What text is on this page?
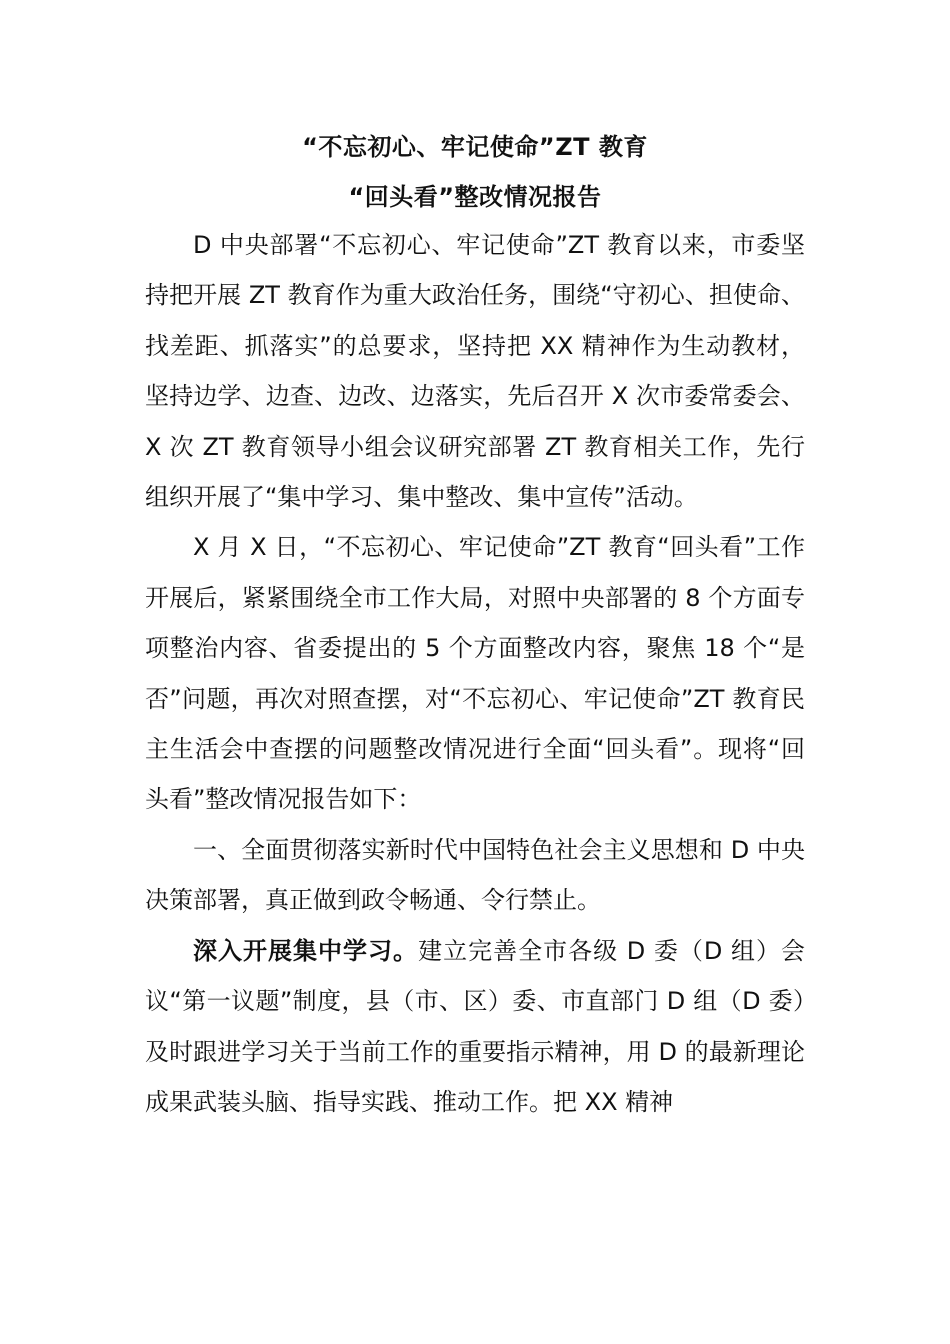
“不忘初心、牢记使命”ZT 教育
“回头看”整改情况报告

D 中央部署“不忘初心、牢记使命”ZT 教育以来，市委坚持把开展 ZT 教育作为重大政治任务，围绕“守初心、担使命、找差距、抓落实”的总要求，坚持把 XX 精神作为生动教材，坚持边学、边查、边改、边落实，先后召开 X 次市委常委会、X 次 ZT 教育领导小组会议研究部署 ZT 教育相关工作，先行组织开展了“集中学习、集中整改、集中宣传”活动。

X 月 X 日，“不忘初心、牢记使命”ZT 教育“回头看”工作开展后，紧紧围绕全市工作大局，对照中央部署的 8 个方面专项整治内容、省委提出的 5 个方面整改内容，聚焦 18 个“是否”问题，再次对照查摆，对“不忘初心、牢记使命”ZT 教育民主生活会中查摆的问题整改情况进行全面“回头看”。现将“回头看”整改情况报告如下：

一、全面贯彻落实新时代中国特色社会主义思想和 D 中央决策部署，真正做到政令畅通、令行禁止。

深入开展集中学习。建立完善全市各级 D 委（D 组）会议“第一议题”制度，县（市、区）委、市直部门 D 组（D 委）及时跟进学习关于当前工作的重要指示精神，用 D 的最新理论成果武装头脑、指导实践、推动工作。把 XX 精神
